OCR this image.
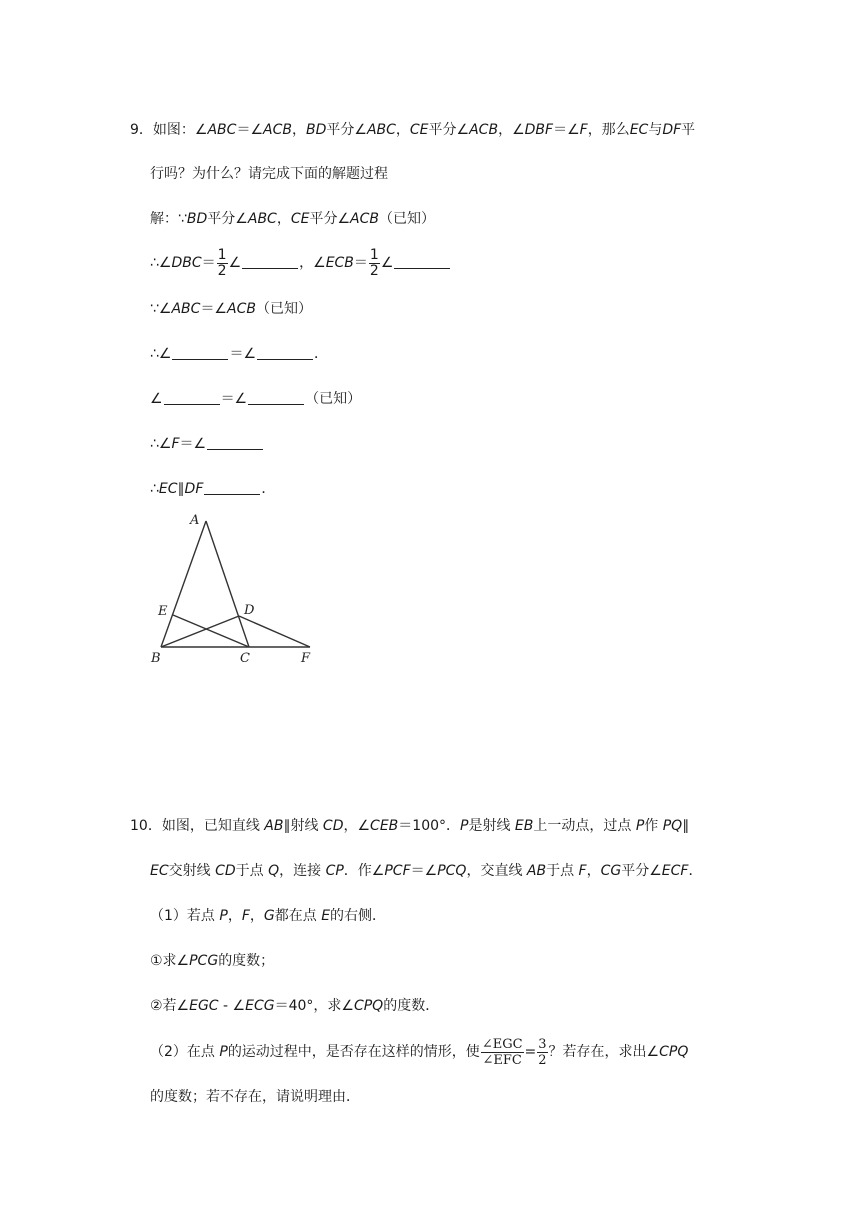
9．如图：∠ABC＝∠ACB，BD平分∠ABC，CE平分∠ACB，∠DBF＝∠F，那么EC与DF平
行吗？为什么？请完成下面的解题过程
解：∵BD平分∠ABC，CE平分∠ACB（已知）
∴∠DBC＝ $\frac{1}{2}$ ∠	，∠ECB＝ $\frac{1}{2}$ ∠
∵∠ABC＝∠ACB（已知）
∴∠	＝∠	．
∠	＝∠	（已知）
∴∠F＝∠
∴EC∥DF	．
A
E	D
B	C	F
10．如图，已知直线 AB∥射线 CD，∠CEB＝100°．P是射线 EB上一动点，过点 P作 PQ∥
EC交射线 CD于点 Q，连接 CP．作∠PCF＝∠PCQ，交直线 AB于点 F，CG平分∠ECF．
（1）若点 P，F，G都在点 E的右侧．
①求∠PCG的度数；
②若∠EGC - ∠ECG＝40°，求∠CPQ的度数．
（2）在点 P的运动过程中，是否存在这样的情形，使 $\frac{\text{∠EGC}}{\text{∠EFC}} = \frac{3}{2}$ ？若存在，求出∠CPQ
的度数；若不存在，请说明理由．
